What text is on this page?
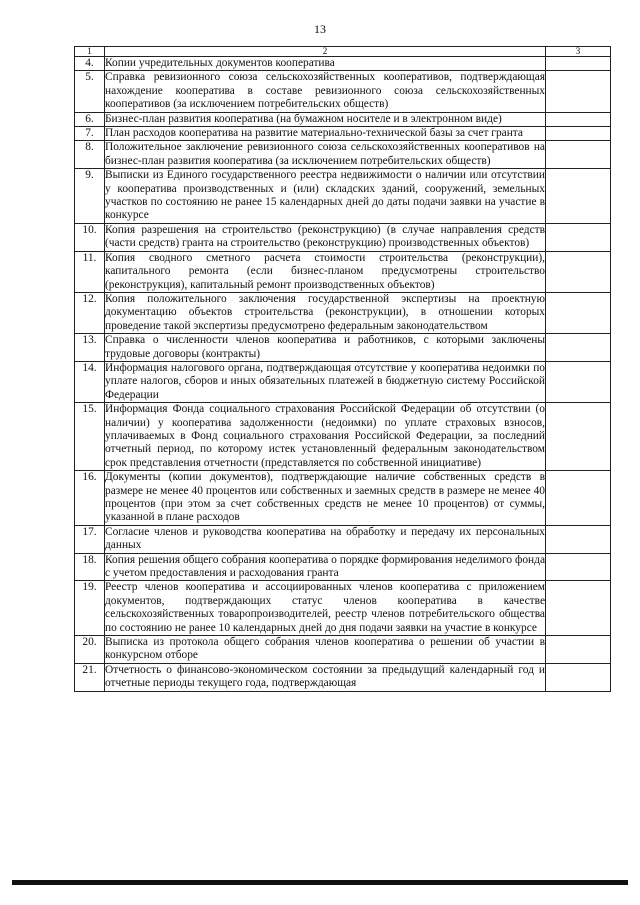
13
1	2	3
4.	Копии учредительных документов кооператива	
5.	Справка ревизионного союза сельскохозяйственных кооперативов, подтверждающая нахождение кооператива в составе ревизионного союза сельскохозяйственных кооперативов (за исключением потребительских обществ)	
6.	Бизнес-план развития кооператива (на бумажном носителе и в электронном виде)	
7.	План расходов кооператива на развитие материально-технической базы за счет гранта	
8.	Положительное заключение ревизионного союза сельскохозяйственных кооперативов на бизнес-план развития кооператива (за исключением потребительских обществ)	
9.	Выписки из Единого государственного реестра недвижимости о наличии или отсутствии у кооператива производственных и (или) складских зданий, сооружений, земельных участков по состоянию не ранее 15 календарных дней до даты подачи заявки на участие в конкурсе	
10.	Копия разрешения на строительство (реконструкцию) (в случае направления средств (части средств) гранта на строительство (реконструкцию) производственных объектов)	
11.	Копия сводного сметного расчета стоимости строительства (реконструкции), капитального ремонта (если бизнес-планом предусмотрены строительство (реконструкция), капитальный ремонт производственных объектов)	
12.	Копия положительного заключения государственной экспертизы на проектную документацию объектов строительства (реконструкции), в отношении которых проведение такой экспертизы предусмотрено федеральным законодательством	
13.	Справка о численности членов кооператива и работников, с которыми заключены трудовые договоры (контракты)	
14.	Информация налогового органа, подтверждающая отсутствие у кооператива недоимки по уплате налогов, сборов и иных обязательных платежей в бюджетную систему Российской Федерации	
15.	Информация Фонда социального страхования Российской Федерации об отсутствии (о наличии) у кооператива задолженности (недоимки) по уплате страховых взносов, уплачиваемых в Фонд социального страхования Российской Федерации, за последний отчетный период, по которому истек установленный федеральным законодательством срок представления отчетности (представляется по собственной инициативе)	
16.	Документы (копии документов), подтверждающие наличие собственных средств в размере не менее 40 процентов или собственных и заемных средств в размере не менее 40 процентов (при этом за счет собственных средств не менее 10 процентов) от суммы, указанной в плане расходов	
17.	Согласие членов и руководства кооператива на обработку и передачу их персональных данных	
18.	Копия решения общего собрания кооператива о порядке формирования неделимого фонда с учетом предоставления и расходования гранта	
19.	Реестр членов кооператива и ассоциированных членов кооператива с приложением документов, подтверждающих статус членов кооператива в качестве сельскохозяйственных товаропроизводителей, реестр членов потребительского общества по состоянию не ранее 10 календарных дней до дня подачи заявки на участие в конкурсе	
20.	Выписка из протокола общего собрания членов кооператива о решении об участии в конкурсном отборе	
21.	Отчетность о финансово-экономическом состоянии за предыдущий календарный год и отчетные периоды текущего года, подтверждающая	
